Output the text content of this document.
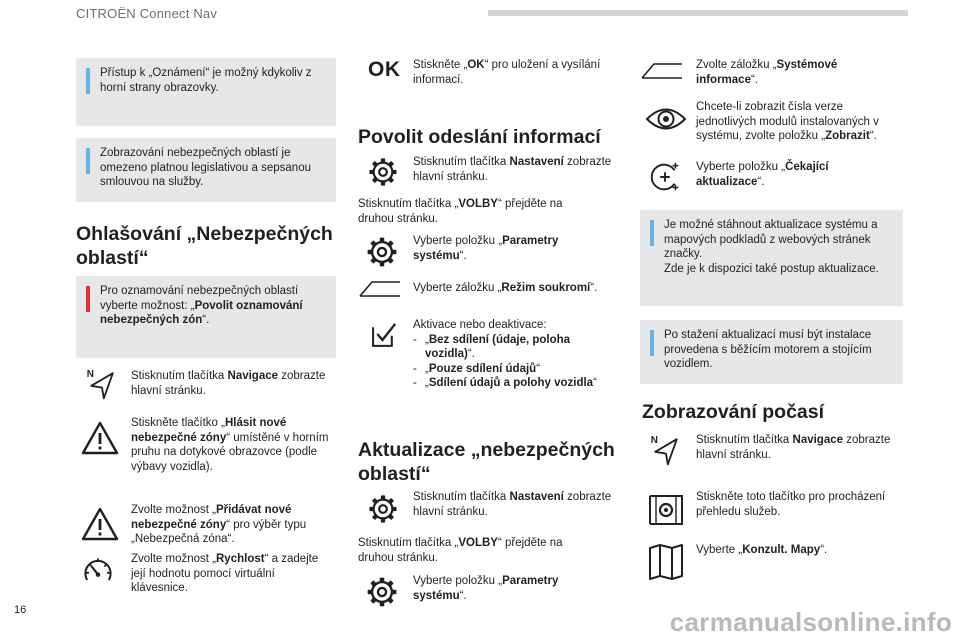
CITROËN Connect Nav
Přístup k „Oznámení“ je možný kdykoliv z horní strany obrazovky.
Zobrazování nebezpečných oblastí je omezeno platnou legislativou a sepsanou smlouvou na služby.
Ohlašování „Nebezpečných oblastí“
Pro oznamování nebezpečných oblastí vyberte možnost: „Povolit oznamování nebezpečných zón“.
Stisknutím tlačítka Navigace zobrazte hlavní stránku.
Stiskněte tlačítko „Hlásit nové nebezpečné zóny“ umístěné v horním pruhu na dotykové obrazovce (podle výbavy vozidla).
Zvolte možnost „Přidávat nové nebezpečné zóny“ pro výběr typu „Nebezpečná zóna“.
Zvolte možnost „Rychlost“ a zadejte její hodnotu pomocí virtuální klávesnice.
OK Stiskněte „OK“ pro uložení a vysílání informací.
Povolit odeslání informací
Stisknutím tlačítka Nastavení zobrazte hlavní stránku.
Stisknutím tlačítka „VOLBY“ přejděte na druhou stránku.
Vyberte položku „Parametry systému“.
Vyberte záložku „Režim soukromí“.
Aktivace nebo deaktivace:
- „Bez sdílení (údaje, poloha vozidla)“.
- „Pouze sdílení údajů“
- „Sdílení údajů a polohy vozidla“
Aktualizace „nebezpečných oblastí“
Stisknutím tlačítka Nastavení zobrazte hlavní stránku.
Stisknutím tlačítka „VOLBY“ přejděte na druhou stránku.
Vyberte položku „Parametry systému“.
Zvolte záložku „Systémové informace“.
Chcete-li zobrazit čísla verze jednotlivých modulů instalovaných v systému, zvolte položku „Zobrazit“.
Vyberte položku „Čekající aktualizace“.
Je možné stáhnout aktualizace systému a mapových podkladů z webových stránek značky.
Zde je k dispozici také postup aktualizace.
Po stažení aktualizací musí být instalace provedena s běžícím motorem a stojícím vozidlem.
Zobrazování počasí
Stisknutím tlačítka Navigace zobrazte hlavní stránku.
Stiskněte toto tlačítko pro procházení přehledu služeb.
Vyberte „Konzult. Mapy“.
16	carmanualsonline.info
